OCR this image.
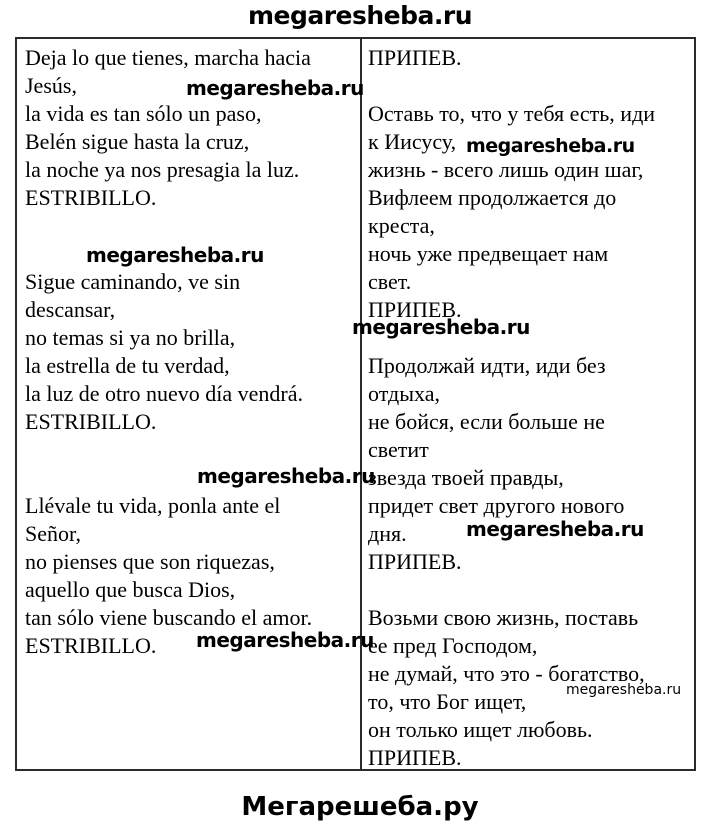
megaresheba.ru
Deja lo que tienes, marcha hacia
Jesús,
la vida es tan sólo un paso,
Belén sigue hasta la cruz,
la noche ya nos presagia la luz.
ESTRIBILLO.

Sigue caminando, ve sin
descansar,
no temas si ya no brilla,
la estrella de tu verdad,
la luz de otro nuevo día vendrá.
ESTRIBILLO.

Llévale tu vida, ponla ante el
Señor,
no pienses que son riquezas,
aquello que busca Dios,
tan sólo viene buscando el amor.
ESTRIBILLO.

ПРИПЕВ.

Оставь то, что у тебя есть, иди
к Иисусу,
жизнь - всего лишь один шаг,
Вифлеем продолжается до
креста,
ночь уже предвещает нам
свет.
ПРИПЕВ.

Продолжай идти, иди без
отдыха,
не бойся, если больше не
светит
звезда твоей правды,
придет свет другого нового
дня.
ПРИПЕВ.

Возьми свою жизнь, поставь
ее пред Господом,
не думай, что это - богатство,
то, что Бог ищет,
он только ищет любовь.
ПРИПЕВ.
megaresheba.ru
megaresheba.ru
megaresheba.ru
megaresheba.ru
megaresheba.ru
megaresheba.ru
megaresheba.ru
megaresheba.ru
Мегарешеба.ру
